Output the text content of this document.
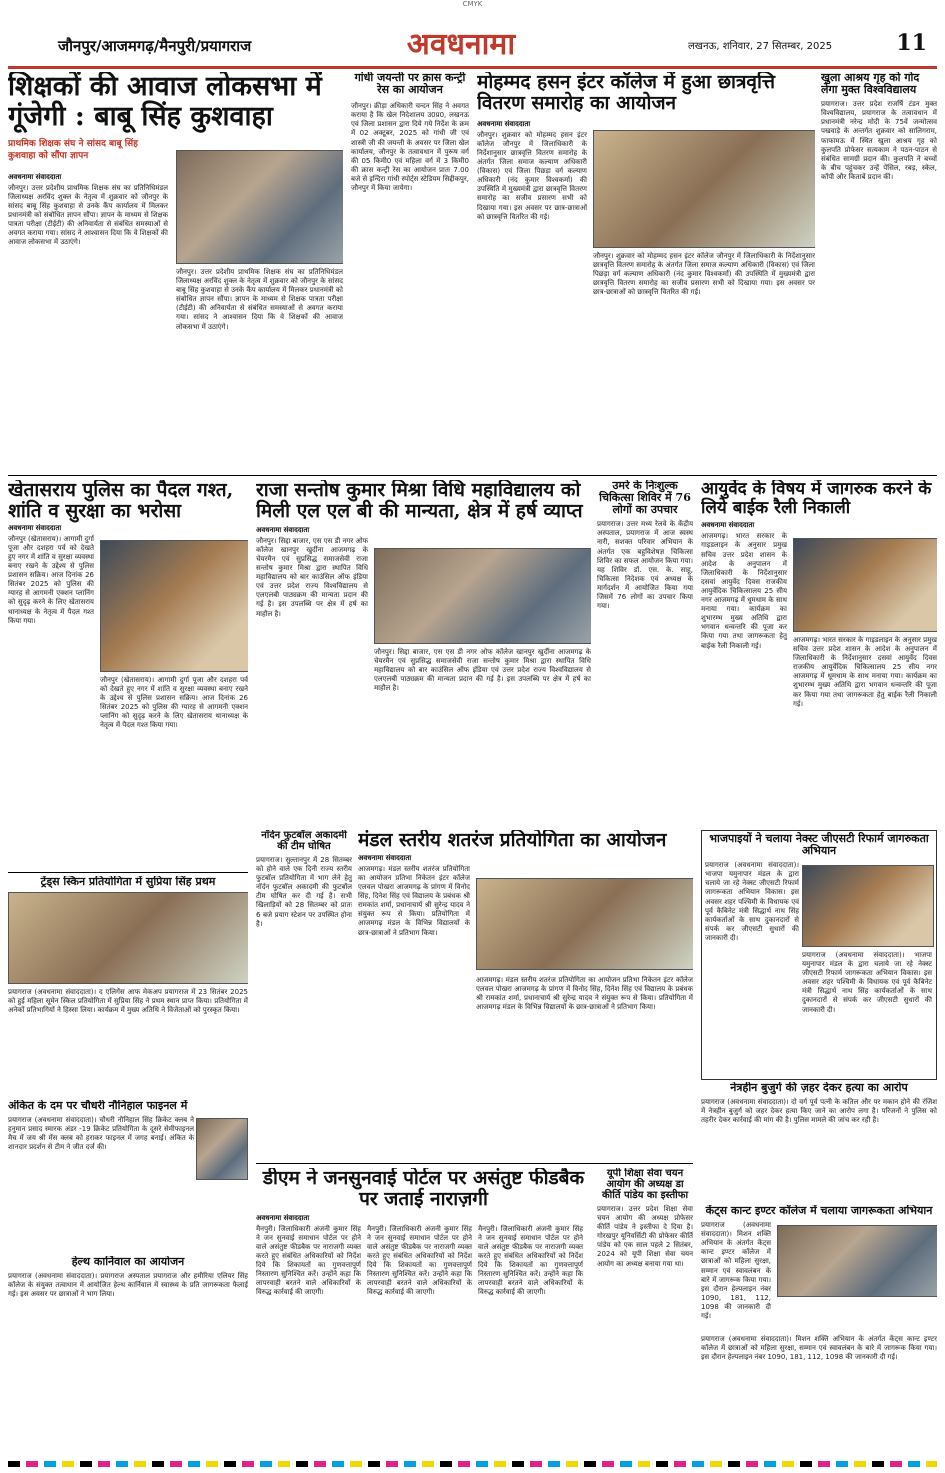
CMYK
जौनपुर/आजमगढ़/मैनपुरी/प्रयागराज	अवधनामा	लखनऊ, शनिवार, 27 सितम्बर, 2025	11
शिक्षकों की आवाज लोकसभा में गूंजेगी : बाबू सिंह कुशवाहा
प्राथमिक शिक्षक संघ ने सांसद बाबू सिंह कुशवाहा को सौंपा ज्ञापन
अवधनामा संवाददाता

जौनपुर। उत्तर प्रदेशीय प्राथमिक शिक्षक संघ का प्रतिनिधिमंडल जिलाध्यक्ष अरविंद शुक्ल के नेतृत्व में शुक्रवार को जौनपुर के सांसद बाबू सिंह कुशवाहा से उनके कैंप कार्यालय में मिलकर प्रधानमंत्री को संबोधित ज्ञापन सौंपा। ज्ञापन के माध्यम से शिक्षक पात्रता परीक्षा (टीईटी) की अनिवार्यता से संबंधित समस्याओं से अवगत कराया गया। सांसद ने आश्वासन दिया कि वे शिक्षकों की आवाज लोकसभा में उठाएंगे।

जौनपुर। उत्तर प्रदेशीय प्राथमिक शिक्षक संघ का प्रतिनिधिमंडल जिलाध्यक्ष अरविंद शुक्ल के नेतृत्व में शुक्रवार को जौनपुर के सांसद बाबू सिंह कुशवाहा से उनके कैंप कार्यालय में मिलकर प्रधानमंत्री को संबोधित ज्ञापन सौंपा। ज्ञापन के माध्यम से शिक्षक पात्रता परीक्षा (टीईटी) की अनिवार्यता से संबंधित समस्याओं से अवगत कराया गया। सांसद ने आश्वासन दिया कि वे शिक्षकों की आवाज लोकसभा में उठाएंगे।

गांधी जयन्ती पर क्रास कन्ट्री रेस का आयोजन

जौनपुर। क्रीड़ा अधिकारी चन्दन सिंह ने अवगत कराया है कि खेल निदेशालय उ0प्र0, लखनऊ एवं जिला प्रशासन द्वारा दिये गये निर्देश के क्रम में 02 अक्टूबर, 2025 को गांधी जी एवं शास्त्री जी की जयन्ती के अवसर पर जिला खेल कार्यालय, जौनपुर के तत्वावधान में पुरूष वर्ग की 05 किमी0 एवं महिला वर्ग में 3 किमी0 की क्रास कन्ट्री रेस का आयोजन प्रातः 7.00 बजे से इन्दिरा गांधी स्पोर्ट्स स्टेडियम सिद्दीकपुर, जौनपुर में किया जायेगा।

मोहम्मद हसन इंटर कॉलेज में हुआ छात्रवृत्ति वितरण समारोह का आयोजन
अवधनामा संवाददाता

जौनपुर। शुक्रवार को मोहम्मद हसन इंटर कॉलेज जौनपुर में जिलाधिकारी के निर्देशानुसार छात्रवृत्ति वितरण समारोह के अंतर्गत जिला समाज कल्याण अधिकारी (विकास) एवं जिला पिछड़ा वर्ग कल्याण अधिकारी (नंद कुमार विश्वकर्मा) की उपस्थिति में मुख्यमंत्री द्वारा छात्रवृत्ति वितरण समारोह का सजीव प्रसारण सभी को दिखाया गया। इस अवसर पर छात्र-छात्राओं को छात्रवृत्ति वितरित की गई।

जौनपुर। शुक्रवार को मोहम्मद हसन इंटर कॉलेज जौनपुर में जिलाधिकारी के निर्देशानुसार छात्रवृत्ति वितरण समारोह के अंतर्गत जिला समाज कल्याण अधिकारी (विकास) एवं जिला पिछड़ा वर्ग कल्याण अधिकारी (नंद कुमार विश्वकर्मा) की उपस्थिति में मुख्यमंत्री द्वारा छात्रवृत्ति वितरण समारोह का सजीव प्रसारण सभी को दिखाया गया। इस अवसर पर छात्र-छात्राओं को छात्रवृत्ति वितरित की गई।

खुला आश्रय गृह को गोद लेगा मुक्त विश्वविद्यालय

प्रयागराज। उत्तर प्रदेश राजर्षि टंडन मुक्त विश्वविद्यालय, प्रयागराज के तत्वावधान में प्रधानमंत्री नरेन्द्र मोदी के 75वें जन्मोत्सव पखवाड़े के अन्तर्गत शुक्रवार को सालिगराम, फाफामऊ में स्थित खुला आश्रय गृह को कुलपति प्रोफेसर सत्यकाम ने पठन-पाठन से संबंधित सामग्री प्रदान की। कुलपति ने बच्चों के बीच पहुंचकर उन्हें पेंसिल, रबड़, स्केल, कॉपी और किताबें प्रदान कीं।

खेतासराय पुलिस का पैदल गश्त, शांति व सुरक्षा का भरोसा
अवधनामा संवाददाता

जौनपुर (खेतासराय)। आगामी दुर्गा पूजा और दशहरा पर्व को देखते हुए नगर में शांति व सुरक्षा व्यवस्था बनाए रखने के उद्देश्य से पुलिस प्रशासन सक्रिय। आज दिनांक 26 सितंबर 2025 को पुलिस की ग्यारह से आगमनी एक्शन प्लानिंग को सुदृढ़ करने के लिए खेतासराय थानाध्यक्ष के नेतृत्व में पैदल गश्त किया गया।

जौनपुर (खेतासराय)। आगामी दुर्गा पूजा और दशहरा पर्व को देखते हुए नगर में शांति व सुरक्षा व्यवस्था बनाए रखने के उद्देश्य से पुलिस प्रशासन सक्रिय। आज दिनांक 26 सितंबर 2025 को पुलिस की ग्यारह से आगमनी एक्शन प्लानिंग को सुदृढ़ करने के लिए खेतासराय थानाध्यक्ष के नेतृत्व में पैदल गश्त किया गया।

राजा सन्तोष कुमार मिश्रा विधि महाविद्यालय को मिली एल एल बी की मान्यता, क्षेत्र में हर्ष व्याप्त
अवधनामा संवाददाता

जौनपुर। सिद्दा बाजार, एस एस डी नगर ओफ कॉलेज खानपुर खुर्दीना आजमगढ़ के चेयरमैन एवं सुप्रसिद्ध समाजसेवी राजा सन्तोष कुमार मिश्रा द्वारा स्थापित विधि महाविद्यालय को बार काउंसिल ऑफ इंडिया एवं उत्तर प्रदेश राज्य विश्वविद्यालय से एलएलबी पाठ्यक्रम की मान्यता प्रदान की गई है। इस उपलब्धि पर क्षेत्र में हर्ष का माहौल है।

जौनपुर। सिद्दा बाजार, एस एस डी नगर ओफ कॉलेज खानपुर खुर्दीना आजमगढ़ के चेयरमैन एवं सुप्रसिद्ध समाजसेवी राजा सन्तोष कुमार मिश्रा द्वारा स्थापित विधि महाविद्यालय को बार काउंसिल ऑफ इंडिया एवं उत्तर प्रदेश राज्य विश्वविद्यालय से एलएलबी पाठ्यक्रम की मान्यता प्रदान की गई है। इस उपलब्धि पर क्षेत्र में हर्ष का माहौल है।

उमरे के निःशुल्क चिकित्सा शिविर में 76 लोगों का उपचार

प्रयागराज। उत्तर मध्य रेलवे के केंद्रीय अस्पताल, प्रयागराज में आज स्वस्थ नारी, सशक्त परिवार अभियान के अंतर्गत एक बहुविशेषज्ञ चिकित्सा शिविर का सफल आयोजन किया गया। यह शिविर डॉ. एस. के. साहू, चिकित्सा निदेशक एवं अध्यक्ष के मार्गदर्शन में आयोजित किया गया जिसमें 76 लोगों का उपचार किया गया।

आयुर्वेद के विषय में जागरुक करने के लिये बाईक रैली निकाली
अवधनामा संवाददाता

आजमगढ़। भारत सरकार के गाइडलाइन के अनुसार प्रमुख सचिव उत्तर प्रदेश शासन के आदेश के अनुपालन में जिलाधिकारी के निर्देशानुसार दसवां आयुर्वेद दिवस राजकीय आयुर्वेदिक चिकित्सालय 25 सीय नगर आजमगढ़ में धूमधाम के साथ मनाया गया। कार्यक्रम का शुभारम्भ मुख्य अतिथि द्वारा भगवान धन्वन्तरि की पूजा कर किया गया तथा जागरूकता हेतु बाईक रैली निकाली गई।

आजमगढ़। भारत सरकार के गाइडलाइन के अनुसार प्रमुख सचिव उत्तर प्रदेश शासन के आदेश के अनुपालन में जिलाधिकारी के निर्देशानुसार दसवां आयुर्वेद दिवस राजकीय आयुर्वेदिक चिकित्सालय 25 सीय नगर आजमगढ़ में धूमधाम के साथ मनाया गया। कार्यक्रम का शुभारम्भ मुख्य अतिथि द्वारा भगवान धन्वन्तरि की पूजा कर किया गया तथा जागरूकता हेतु बाईक रैली निकाली गई।

ट्रेंड्स स्किन प्रतियोगिता में सुप्रिया सिंह प्रथम

प्रयागराज (अवधनामा संवाददाता)। द एलिगेंस आफ मेकअप प्रयागराज में 23 सितंबर 2025 को हुई महिला सूमेन स्किल प्रतियोगिता में सुप्रिया सिंह ने प्रथम स्थान प्राप्त किया। प्रतियोगिता में अनेकों प्रतिभागियों ने हिस्सा लिया। कार्यक्रम में मुख्य अतिथि ने विजेताओं को पुरस्कृत किया।

अंकित के दम पर चौधरी नौनिहाल फाइनल में

प्रयागराज (अवधनामा संवाददाता)। चौधरी नौनिहाल सिंह क्रिकेट क्लब ने हनुमान प्रसाद स्मारक अंडर -19 क्रिकेट प्रतियोगिता के दूसरे सेमीफाइनल मैच में जय श्री मेंस क्लब को हराकर फाइनल में जगह बनाई। अंकित के शानदार प्रदर्शन से टीम ने जीत दर्ज की।

हेल्थ कार्निवाल का आयोजन

प्रयागराज (अवधनामा संवाददाता)। प्रयागराज अस्पताल प्रयागराज और हमीरिया एलियर सिंह कॉलेज के संयुक्त तत्वाधान में आयोजित हेल्थ कार्निवाल में स्वास्थ्य के प्रति जागरूकता फैलाई गई। इस अवसर पर छात्राओं ने भाग लिया।

नॉर्दन फुटबॉल अकादमी की टीम घोषित

प्रयागराज। सुल्तानपुर में 28 सितम्बर को होने वाले एक दिनी राज्य स्तरीय फुटबॉल प्रतियोगिता में भाग लेने हेतु नॉर्दन फुटबॉल अकादमी की फुटबॉल टीम घोषित कर दी गई है। सभी खिलाड़ियों को 28 सितम्बर को प्रातः 6 बजे प्रयाग स्टेशन पर उपस्थित होना है।

मंडल स्तरीय शतरंज प्रतियोगिता का आयोजन
अवधनामा संवाददाता

आजमगढ़। मंडल स्तरीय शतरंज प्रतियोगिता का आयोजन प्रतिभा निकेतन इंटर कॉलेज एलवल पोखरा आजमगढ़ के प्रांगण में विनोद सिंह, दिनेश सिंह एवं विद्यालय के प्रबंधक श्री रामकांत शर्मा, प्रधानाचार्य श्री सुरेन्द्र यादव ने संयुक्त रूप से किया। प्रतियोगिता में आजमगढ़ मंडल के विभिन्न विद्यालयों के छात्र-छात्राओं ने प्रतिभाग किया।

आजमगढ़। मंडल स्तरीय शतरंज प्रतियोगिता का आयोजन प्रतिभा निकेतन इंटर कॉलेज एलवल पोखरा आजमगढ़ के प्रांगण में विनोद सिंह, दिनेश सिंह एवं विद्यालय के प्रबंधक श्री रामकांत शर्मा, प्रधानाचार्य श्री सुरेन्द्र यादव ने संयुक्त रूप से किया। प्रतियोगिता में आजमगढ़ मंडल के विभिन्न विद्यालयों के छात्र-छात्राओं ने प्रतिभाग किया।

भाजपाइयों ने चलाया नेक्स्ट जीएसटी रिफार्म जागरुकता अभियान

प्रयागराज (अवधनामा संवाददाता)। भाजपा यमुनापार मंडल के द्वारा चलाये जा रहे नेक्स्ट जीएसटी रिफार्म जागरूकता अभियान विकास। इस अवसर शहर पश्चिमी के विधायक एवं पूर्व कैबिनेट मंत्री सिद्धार्थ नाथ सिंह कार्यकर्ताओं के साथ दुकानदारों से संपर्क कर जीएसटी सुधारों की जानकारी दी।

प्रयागराज (अवधनामा संवाददाता)। भाजपा यमुनापार मंडल के द्वारा चलाये जा रहे नेक्स्ट जीएसटी रिफार्म जागरूकता अभियान विकास। इस अवसर शहर पश्चिमी के विधायक एवं पूर्व कैबिनेट मंत्री सिद्धार्थ नाथ सिंह कार्यकर्ताओं के साथ दुकानदारों से संपर्क कर जीएसटी सुधारों की जानकारी दी।

नेत्रहीन बुजुर्ग की ज़हर देकर हत्या का आरोप

प्रयागराज (अवधनामा संवाददाता)। दो वर्ग पूर्व पत्नी के कतिल और पर मकान होने की रंजिश में नेत्रहीन बुजुर्ग को जहर देकर हत्या किए जाने का आरोप लगा है। परिजनों ने पुलिस को तहरीर देकर कार्रवाई की मांग की है। पुलिस मामले की जांच कर रही है।

डीएम ने जनसुनवाई पोर्टल पर असंतुष्ट फीडबैक पर जताई नाराज़गी
अवधनामा संवाददाता

मैनपुरी। जिलाधिकारी अंजनी कुमार सिंह ने जन सुनवाई समाधान पोर्टल पर होने वाले असंतुष्ट फीडबैक पर नाराजगी व्यक्त करते हुए संबंधित अधिकारियों को निर्देश दिये कि शिकायतों का गुणवत्तापूर्ण निस्तारण सुनिश्चित करें। उन्होंने कहा कि लापरवाही बरतने वाले अधिकारियों के विरुद्ध कार्रवाई की जाएगी।

मैनपुरी। जिलाधिकारी अंजनी कुमार सिंह ने जन सुनवाई समाधान पोर्टल पर होने वाले असंतुष्ट फीडबैक पर नाराजगी व्यक्त करते हुए संबंधित अधिकारियों को निर्देश दिये कि शिकायतों का गुणवत्तापूर्ण निस्तारण सुनिश्चित करें। उन्होंने कहा कि लापरवाही बरतने वाले अधिकारियों के विरुद्ध कार्रवाई की जाएगी।

मैनपुरी। जिलाधिकारी अंजनी कुमार सिंह ने जन सुनवाई समाधान पोर्टल पर होने वाले असंतुष्ट फीडबैक पर नाराजगी व्यक्त करते हुए संबंधित अधिकारियों को निर्देश दिये कि शिकायतों का गुणवत्तापूर्ण निस्तारण सुनिश्चित करें। उन्होंने कहा कि लापरवाही बरतने वाले अधिकारियों के विरुद्ध कार्रवाई की जाएगी।

यूपी शिक्षा सेवा चयन आयोग की अध्यक्ष डा कीर्ति पांडेय का इस्तीफा

प्रयागराज। उत्तर प्रदेश शिक्षा सेवा चयन आयोग की अध्यक्ष प्रोफेसर कीर्ति पांडेय ने इस्तीफा दे दिया है। गोरखपुर यूनिवर्सिटी की प्रोफेसर कीर्ति पांडेय को एक साल पहले 2 सितंबर, 2024 को यूपी शिक्षा सेवा चयन आयोग का अध्यक्ष बनाया गया था।

केंट्स कान्ट इण्टर कॉलेज में चलाया जागरूकता अभियान

प्रयागराज (अवधनामा संवाददाता)। मिशन शक्ति अभियान के अंतर्गत केंट्स कान्ट इण्टर कॉलेज में छात्राओं को महिला सुरक्षा, सम्मान एवं स्वावलंबन के बारे में जागरूक किया गया। इस दौरान हेल्पलाइन नंबर 1090, 181, 112, 1098 की जानकारी दी गई।

प्रयागराज (अवधनामा संवाददाता)। मिशन शक्ति अभियान के अंतर्गत केंट्स कान्ट इण्टर कॉलेज में छात्राओं को महिला सुरक्षा, सम्मान एवं स्वावलंबन के बारे में जागरूक किया गया। इस दौरान हेल्पलाइन नंबर 1090, 181, 112, 1098 की जानकारी दी गई।
